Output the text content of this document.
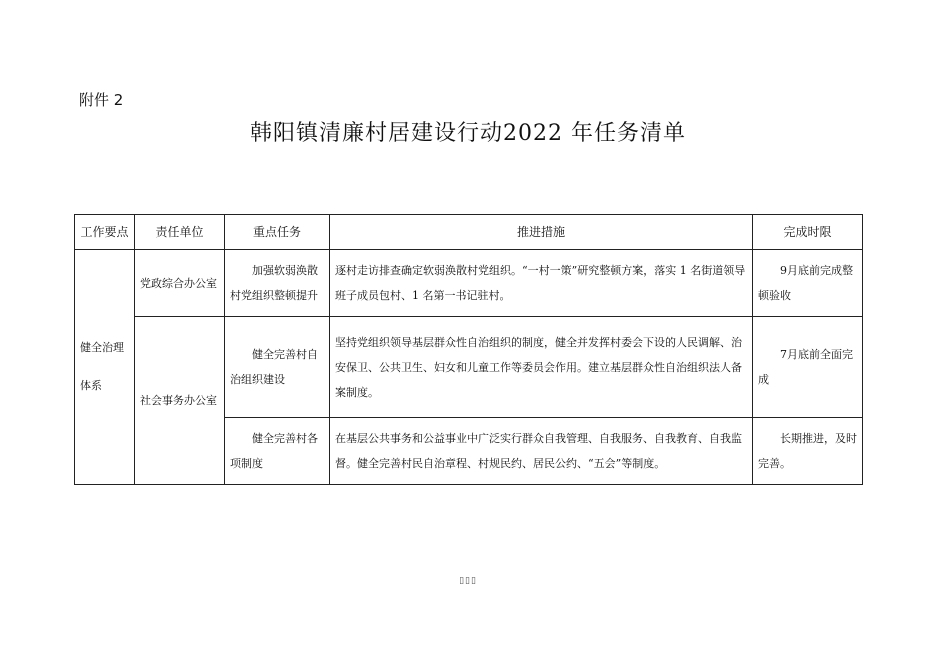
附件 2
韩阳镇清廉村居建设行动2022 年任务清单
工作要点	责任单位	重点任务	推进措施	完成时限
健全治理体系	党政综合办公室	加强软弱涣散村党组织整顿提升	逐村走访排查确定软弱涣散村党组织。“一村一策”研究整顿方案，落实 1 名街道领导班子成员包村、1 名第一书记驻村。	9月底前完成整顿验收
	社会事务办公室	健全完善村自治组织建设	坚持党组织领导基层群众性自治组织的制度，健全并发挥村委会下设的人民调解、治安保卫、公共卫生、妇女和儿童工作等委员会作用。建立基层群众性自治组织法人备案制度。	7月底前全面完成
		健全完善村各项制度	在基层公共事务和公益事业中广泛实行群众自我管理、自我服务、自我教育、自我监督。健全完善村民自治章程、村规民约、居民公约、“五会”等制度。	长期推进，及时完善。
▯▯▯
